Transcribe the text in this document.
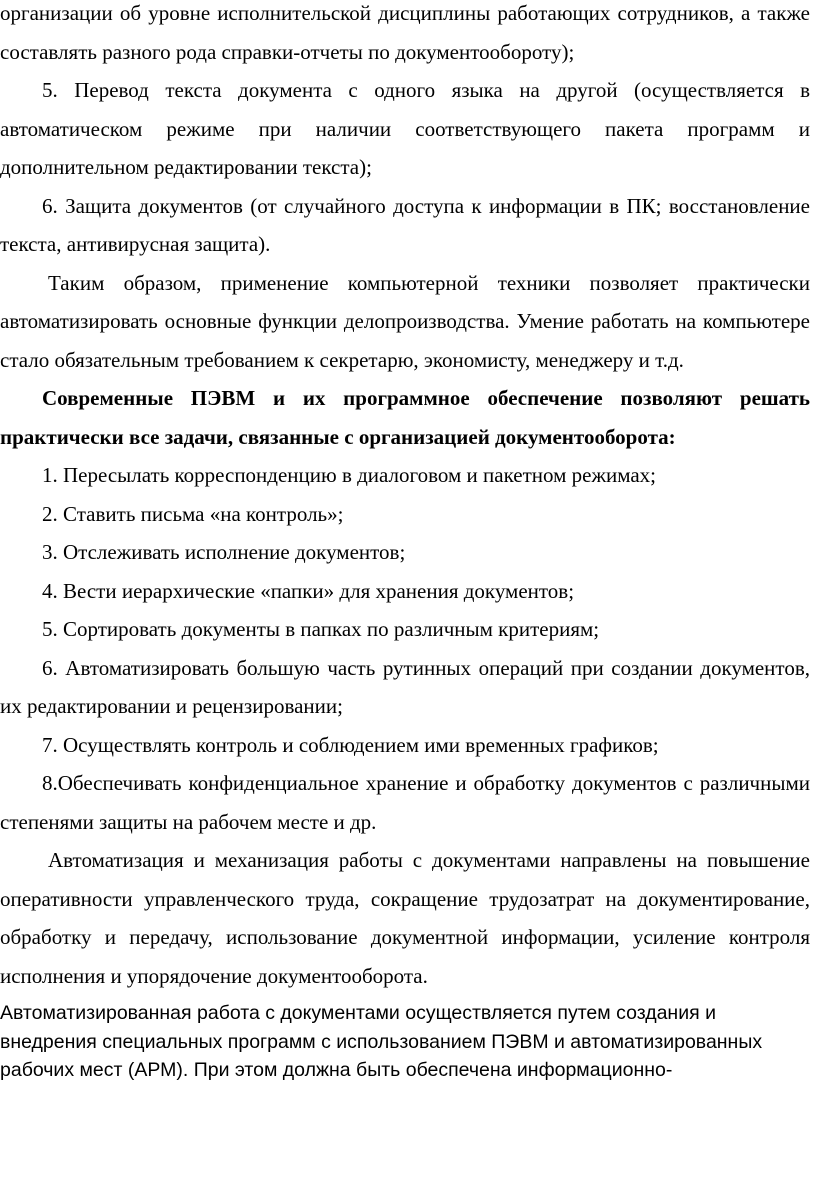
организации об уровне исполнительской дисциплины работающих сотрудников, а также составлять разного рода справки-отчеты по документообороту);

5. Перевод текста документа с одного языка на другой (осуществляется в автоматическом режиме при наличии соответствующего пакета программ и дополнительном редактировании текста);

6. Защита документов (от случайного доступа к информации в ПК; восстановление текста, антивирусная защита).

Таким образом, применение компьютерной техники позволяет практически автоматизировать основные функции делопроизводства. Умение работать на компьютере стало обязательным требованием к секретарю, экономисту, менеджеру и т.д.

Современные ПЭВМ и их программное обеспечение позволяют решать практически все задачи, связанные с организацией документооборота:

1. Пересылать корреспонденцию в диалоговом и пакетном режимах;

2. Ставить письма «на контроль»;

3. Отслеживать исполнение документов;

4. Вести иерархические «папки» для хранения документов;

5. Сортировать документы в папках по различным критериям;

6. Автоматизировать большую часть рутинных операций при создании документов, их редактировании и рецензировании;

7. Осуществлять контроль и соблюдением ими временных графиков;

8.Обеспечивать конфиденциальное хранение и обработку документов с различными степенями защиты на рабочем месте и др.

Автоматизация и механизация работы с документами направлены на повышение оперативности управленческого труда, сокращение трудозатрат на документирование, обработку и передачу, использование документной информации, усиление контроля исполнения и упорядочение документооборота.

Автоматизированная работа с документами осуществляется путем создания и внедрения специальных программ с использованием ПЭВМ и автоматизированных рабочих мест (АРМ). При этом должна быть обеспечена информационно-
